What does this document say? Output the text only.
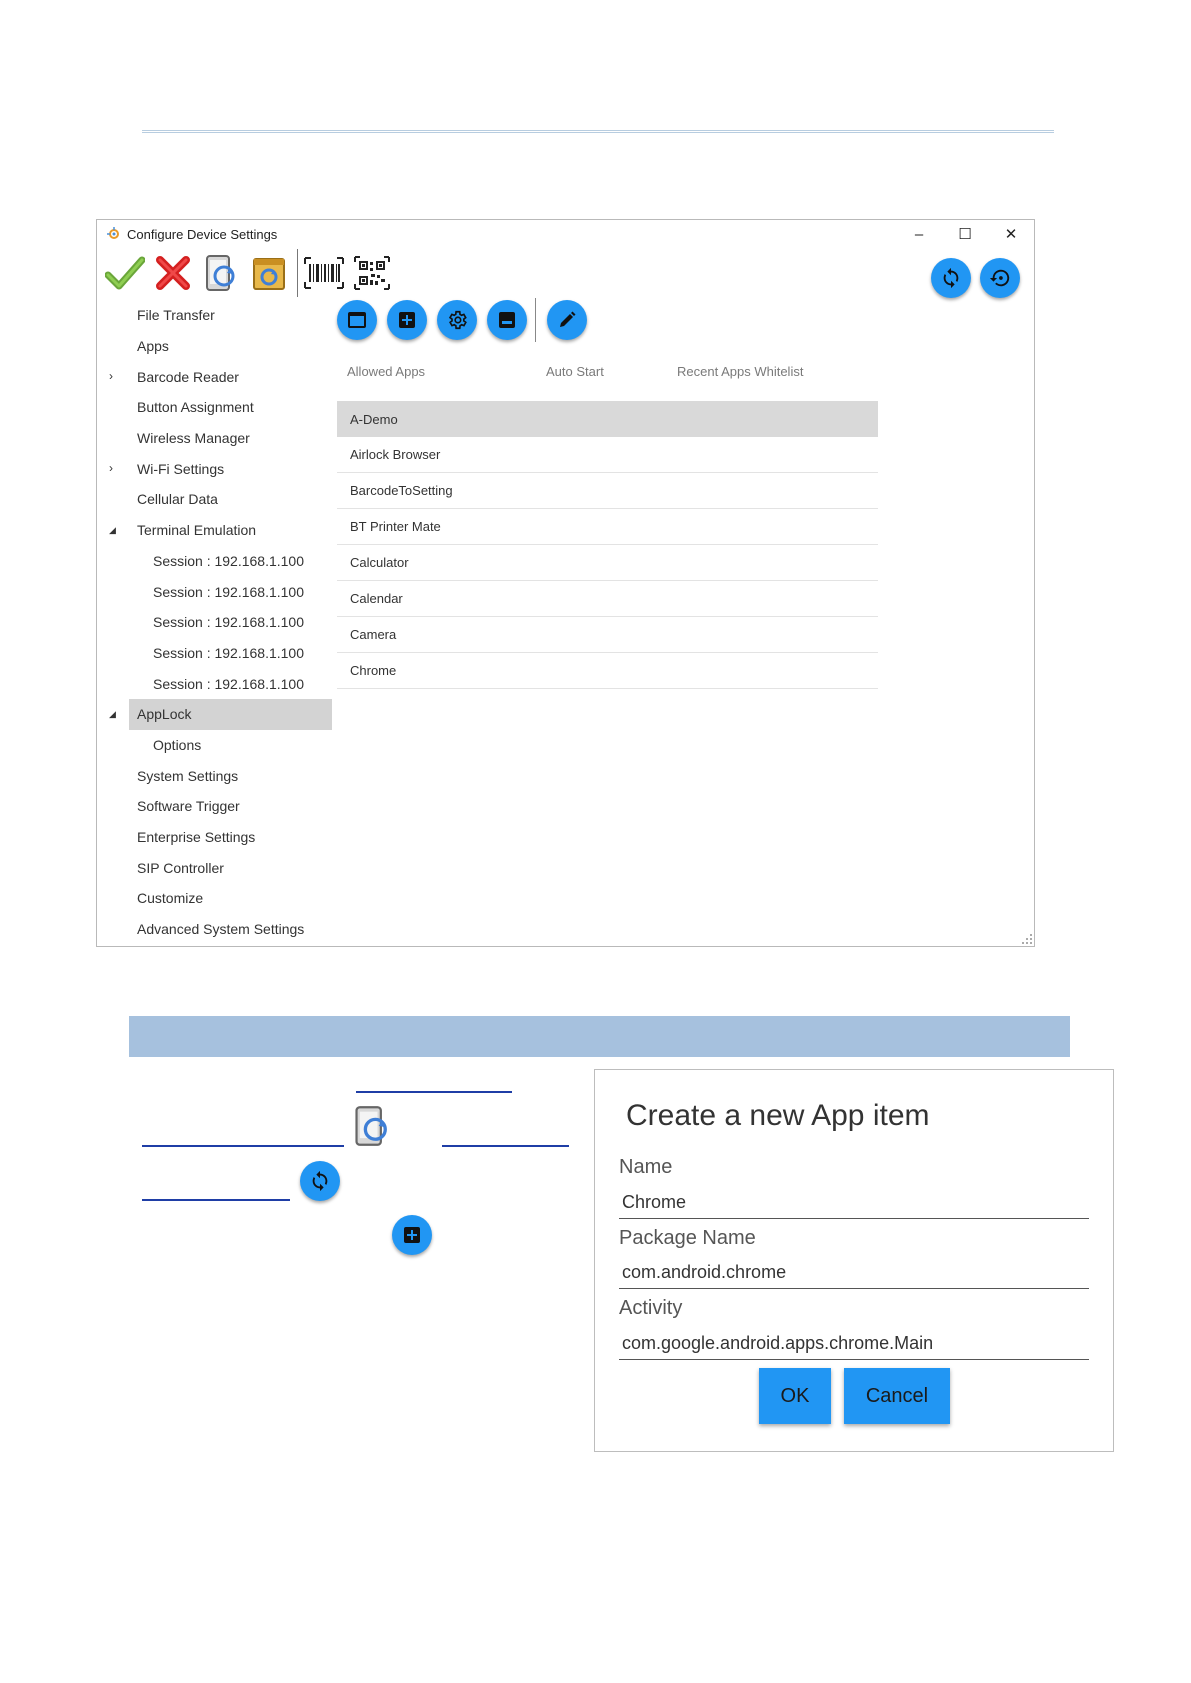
Configure Device Settings	–	☐	✕
File Transfer
Apps
› Barcode Reader
Button Assignment
Wireless Manager
› Wi-Fi Settings
Cellular Data
◢ Terminal Emulation
Session : 192.168.1.100
Session : 192.168.1.100
Session : 192.168.1.100
Session : 192.168.1.100
Session : 192.168.1.100
◢ AppLock
Options
System Settings
Software Trigger
Enterprise Settings
SIP Controller
Customize
Advanced System Settings
Allowed Apps	Auto Start	Recent Apps Whitelist
A-Demo
Airlock Browser
BarcodeToSetting
BT Printer Mate
Calculator
Calendar
Camera
Chrome
Create a new App item
Name
Chrome
Package Name
com.android.chrome
Activity
com.google.android.apps.chrome.Main
OK	Cancel
